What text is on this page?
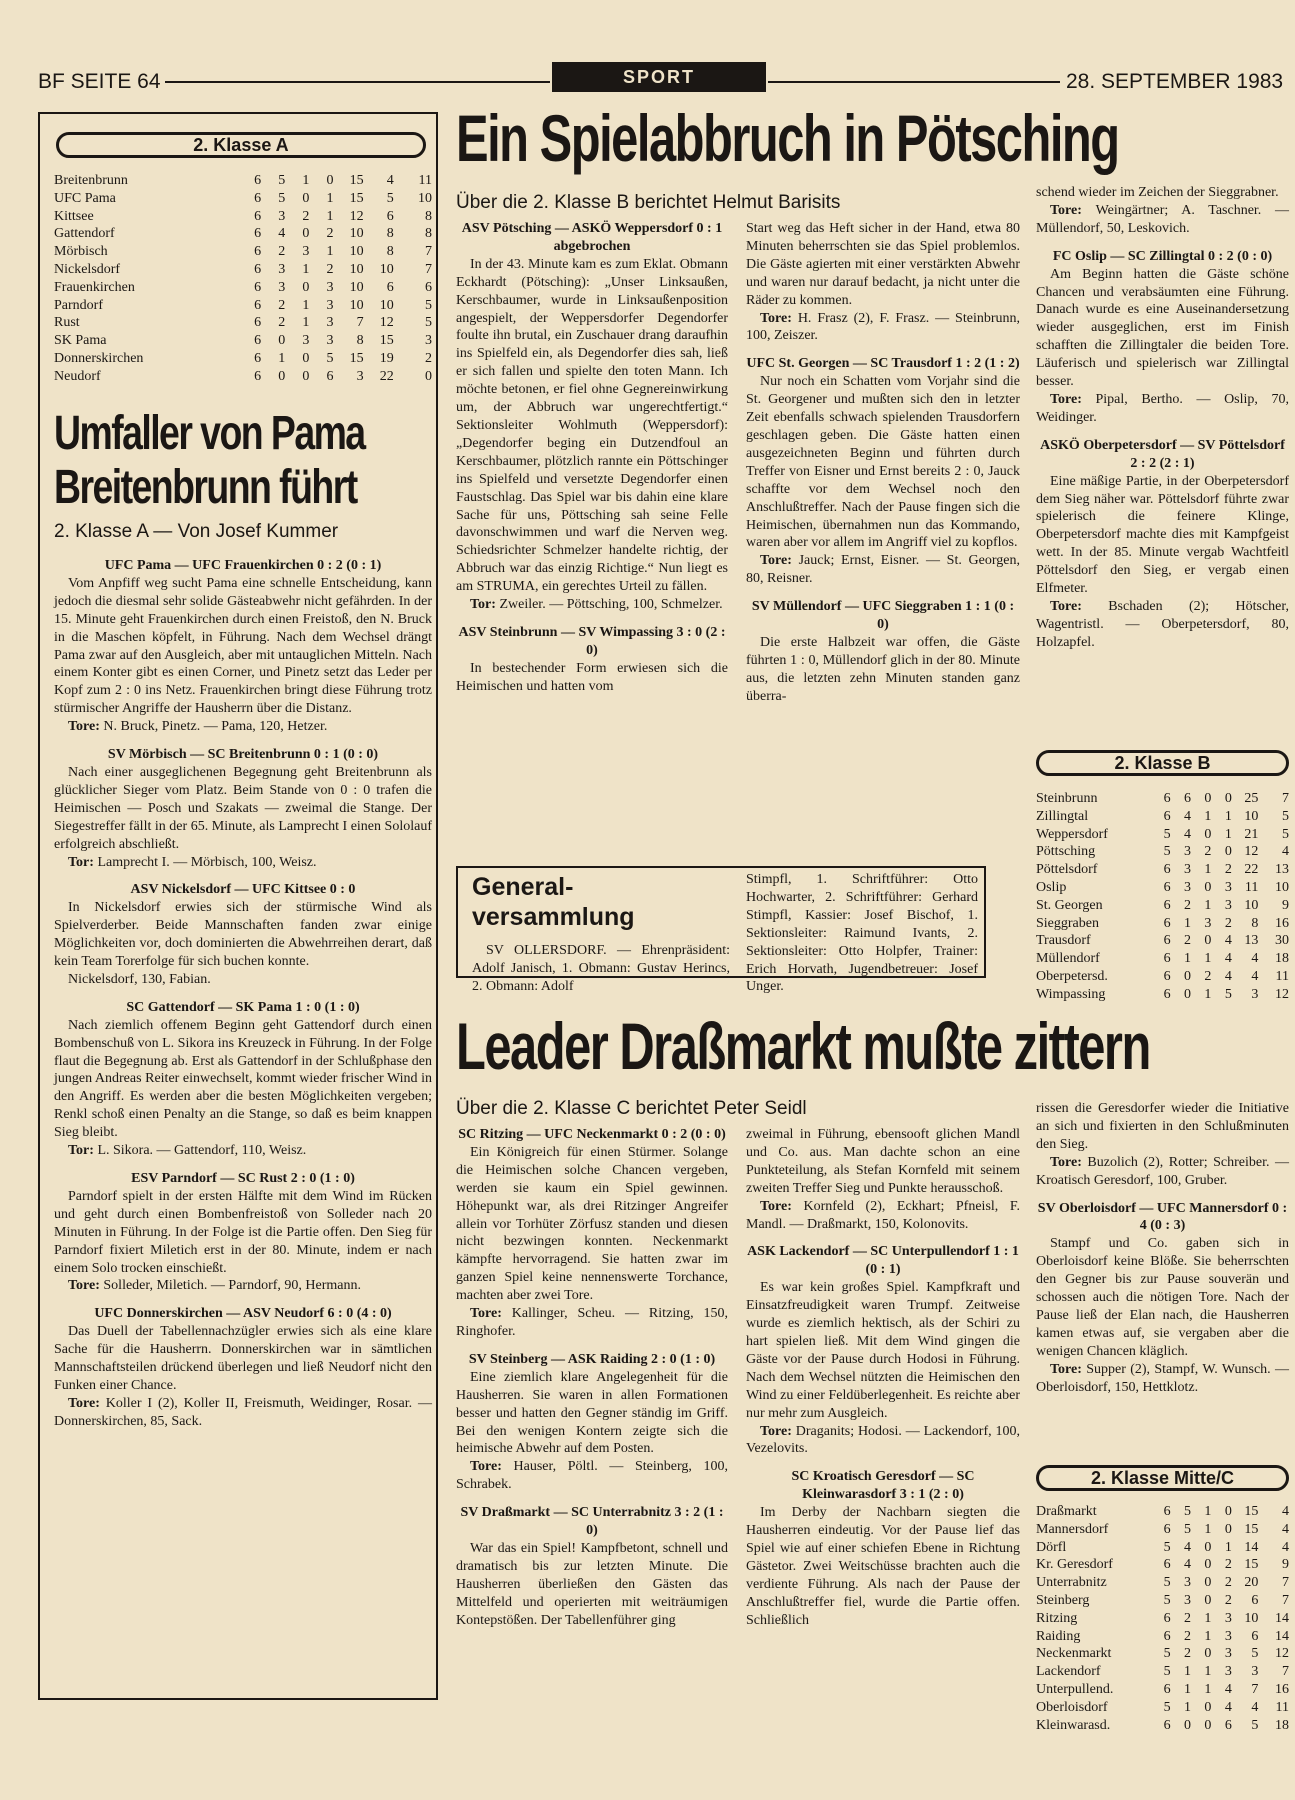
BF SEITE 64	SPORT	28. SEPTEMBER 1983
2. Klasse A
Breitenbrunn	6	5	1	0	15	4	11
UFC Pama	6	5	0	1	15	5	10
Kittsee	6	3	2	1	12	6	8
Gattendorf	6	4	0	2	10	8	8
Mörbisch	6	2	3	1	10	8	7
Nickelsdorf	6	3	1	2	10	10	7
Frauenkirchen	6	3	0	3	10	6	6
Parndorf	6	2	1	3	10	10	5
Rust	6	2	1	3	7	12	5
SK Pama	6	0	3	3	8	15	3
Donnerskirchen	6	1	0	5	15	19	2
Neudorf	6	0	0	6	3	22	0
Umfaller von Pama
Breitenbrunn führt
2. Klasse A — Von Josef Kummer

UFC Pama — UFC Frauenkirchen 0 : 2 (0 : 1)

Vom Anpfiff weg sucht Pama eine schnelle Entscheidung, kann jedoch die diesmal sehr solide Gästeabwehr nicht gefährden. In der 15. Minute geht Frauenkirchen durch einen Freistoß, den N. Bruck in die Maschen köpfelt, in Führung. Nach dem Wechsel drängt Pama zwar auf den Ausgleich, aber mit untauglichen Mitteln. Nach einem Konter gibt es einen Corner, und Pinetz setzt das Leder per Kopf zum 2 : 0 ins Netz. Frauenkirchen bringt diese Führung trotz stürmischer Angriffe der Hausherrn über die Distanz.

Tore: N. Bruck, Pinetz. — Pama, 120, Hetzer.

SV Mörbisch — SC Breitenbrunn 0 : 1 (0 : 0)

Nach einer ausgeglichenen Begegnung geht Breitenbrunn als glücklicher Sieger vom Platz. Beim Stande von 0 : 0 trafen die Heimischen — Posch und Szakats — zweimal die Stange. Der Siegestreffer fällt in der 65. Minute, als Lamprecht I einen Sololauf erfolgreich abschließt.

Tor: Lamprecht I. — Mörbisch, 100, Weisz.

ASV Nickelsdorf — UFC Kittsee 0 : 0

In Nickelsdorf erwies sich der stürmische Wind als Spielverderber. Beide Mannschaften fanden zwar einige Möglichkeiten vor, doch dominierten die Abwehrreihen derart, daß kein Team Torerfolge für sich buchen konnte.

Nickelsdorf, 130, Fabian.

SC Gattendorf — SK Pama 1 : 0 (1 : 0)

Nach ziemlich offenem Beginn geht Gattendorf durch einen Bombenschuß von L. Sikora ins Kreuzeck in Führung. In der Folge flaut die Begegnung ab. Erst als Gattendorf in der Schlußphase den jungen Andreas Reiter einwechselt, kommt wieder frischer Wind in den Angriff. Es werden aber die besten Möglichkeiten vergeben; Renkl schoß einen Penalty an die Stange, so daß es beim knappen Sieg bleibt.

Tor: L. Sikora. — Gattendorf, 110, Weisz.

ESV Parndorf — SC Rust 2 : 0 (1 : 0)

Parndorf spielt in der ersten Hälfte mit dem Wind im Rücken und geht durch einen Bombenfreistoß von Solleder nach 20 Minuten in Führung. In der Folge ist die Partie offen. Den Sieg für Parndorf fixiert Miletich erst in der 80. Minute, indem er nach einem Solo trocken einschießt.

Tore: Solleder, Miletich. — Parndorf, 90, Hermann.

UFC Donnerskirchen — ASV Neudorf 6 : 0 (4 : 0)

Das Duell der Tabellennachzügler erwies sich als eine klare Sache für die Hausherrn. Donnerskirchen war in sämtlichen Mannschaftsteilen drückend überlegen und ließ Neudorf nicht den Funken einer Chance.

Tore: Koller I (2), Koller II, Freismuth, Weidinger, Rosar. — Donnerskirchen, 85, Sack.

Ein Spielabbruch in Pötsching
Über die 2. Klasse B berichtet Helmut Barisits

ASV Pötsching — ASKÖ Weppersdorf 0 : 1 abgebrochen

In der 43. Minute kam es zum Eklat. Obmann Eckhardt (Pötsching): „Unser Linksaußen, Kerschbaumer, wurde in Linksaußenposition angespielt, der Weppersdorfer Degendorfer foulte ihn brutal, ein Zuschauer drang daraufhin ins Spielfeld ein, als Degendorfer dies sah, ließ er sich fallen und spielte den toten Mann. Ich möchte betonen, er fiel ohne Gegnereinwirkung um, der Abbruch war ungerechtfertigt.“ Sektionsleiter Wohlmuth (Weppersdorf): „Degendorfer beging ein Dutzendfoul an Kerschbaumer, plötzlich rannte ein Pöttschinger ins Spielfeld und versetzte Degendorfer einen Faustschlag. Das Spiel war bis dahin eine klare Sache für uns, Pöttsching sah seine Felle davonschwimmen und warf die Nerven weg. Schiedsrichter Schmelzer handelte richtig, der Abbruch war das einzig Richtige.“ Nun liegt es am STRUMA, ein gerechtes Urteil zu fällen.

Tor: Zweiler. — Pöttsching, 100, Schmelzer.

ASV Steinbrunn — SV Wimpassing 3 : 0 (2 : 0)

In bestechender Form erwiesen sich die Heimischen und hatten vom

Start weg das Heft sicher in der Hand, etwa 80 Minuten beherrschten sie das Spiel problemlos. Die Gäste agierten mit einer verstärkten Abwehr und waren nur darauf bedacht, ja nicht unter die Räder zu kommen.

Tore: H. Frasz (2), F. Frasz. — Steinbrunn, 100, Zeiszer.

UFC St. Georgen — SC Trausdorf 1 : 2 (1 : 2)

Nur noch ein Schatten vom Vorjahr sind die St. Georgener und mußten sich den in letzter Zeit ebenfalls schwach spielenden Trausdorfern geschlagen geben. Die Gäste hatten einen ausgezeichneten Beginn und führten durch Treffer von Eisner und Ernst bereits 2 : 0, Jauck schaffte vor dem Wechsel noch den Anschlußtreffer. Nach der Pause fingen sich die Heimischen, übernahmen nun das Kommando, waren aber vor allem im Angriff viel zu kopflos.

Tore: Jauck; Ernst, Eisner. — St. Georgen, 80, Reisner.

SV Müllendorf — UFC Sieggraben 1 : 1 (0 : 0)

Die erste Halbzeit war offen, die Gäste führten 1 : 0, Müllendorf glich in der 80. Minute aus, die letzten zehn Minuten standen ganz überra-

schend wieder im Zeichen der Sieggrabner.

Tore: Weingärtner; A. Taschner. — Müllendorf, 50, Leskovich.

FC Oslip — SC Zillingtal 0 : 2 (0 : 0)

Am Beginn hatten die Gäste schöne Chancen und verabsäumten eine Führung. Danach wurde es eine Auseinandersetzung wieder ausgeglichen, erst im Finish schafften die Zillingtaler die beiden Tore. Läuferisch und spielerisch war Zillingtal besser.

Tore: Pipal, Bertho. — Oslip, 70, Weidinger.

ASKÖ Oberpetersdorf — SV Pöttelsdorf 2 : 2 (2 : 1)

Eine mäßige Partie, in der Oberpetersdorf dem Sieg näher war. Pöttelsdorf führte zwar spielerisch die feinere Klinge, Oberpetersdorf machte dies mit Kampfgeist wett. In der 85. Minute vergab Wachtfeitl Pöttelsdorf den Sieg, er vergab einen Elfmeter.

Tore: Bschaden (2); Hötscher, Wagentristl. — Oberpetersdorf, 80, Holzapfel.

2. Klasse B
Steinbrunn	6	6	0	0	25	7
Zillingtal	6	4	1	1	10	5
Weppersdorf	5	4	0	1	21	5
Pöttsching	5	3	2	0	12	4
Pöttelsdorf	6	3	1	2	22	13
Oslip	6	3	0	3	11	10
St. Georgen	6	2	1	3	10	9
Sieggraben	6	1	3	2	8	16
Trausdorf	6	2	0	4	13	30
Müllendorf	6	1	1	4	4	18
Oberpetersd.	6	0	2	4	4	11
Wimpassing	6	0	1	5	3	12
General-
versammlung
SV OLLERSDORF. — Ehrenpräsident: Adolf Janisch, 1. Obmann: Gustav Herincs, 2. Obmann: Adolf
Stimpfl, 1. Schriftführer: Otto Hochwarter, 2. Schriftführer: Gerhard Stimpfl, Kassier: Josef Bischof, 1. Sektionsleiter: Raimund Ivants, 2. Sektionsleiter: Otto Holpfer, Trainer: Erich Horvath, Jugendbetreuer: Josef Unger.
Leader Draßmarkt mußte zittern
Über die 2. Klasse C berichtet Peter Seidl

SC Ritzing — UFC Neckenmarkt 0 : 2 (0 : 0)

Ein Königreich für einen Stürmer. Solange die Heimischen solche Chancen vergeben, werden sie kaum ein Spiel gewinnen. Höhepunkt war, als drei Ritzinger Angreifer allein vor Torhüter Zörfusz standen und diesen nicht bezwingen konnten. Neckenmarkt kämpfte hervorragend. Sie hatten zwar im ganzen Spiel keine nennenswerte Torchance, machten aber zwei Tore.

Tore: Kallinger, Scheu. — Ritzing, 150, Ringhofer.

SV Steinberg — ASK Raiding 2 : 0 (1 : 0)

Eine ziemlich klare Angelegenheit für die Hausherren. Sie waren in allen Formationen besser und hatten den Gegner ständig im Griff. Bei den wenigen Kontern zeigte sich die heimische Abwehr auf dem Posten.

Tore: Hauser, Pöltl. — Steinberg, 100, Schrabek.

SV Draßmarkt — SC Unterrabnitz 3 : 2 (1 : 0)

War das ein Spiel! Kampfbetont, schnell und dramatisch bis zur letzten Minute. Die Hausherren überließen den Gästen das Mittelfeld und operierten mit weiträumigen Kontерstößen. Der Tabellenführer ging

zweimal in Führung, ebensooft glichen Mandl und Co. aus. Man dachte schon an eine Punkteteilung, als Stefan Kornfeld mit seinem zweiten Treffer Sieg und Punkte herausschoß.

Tore: Kornfeld (2), Eckhart; Pfneisl, F. Mandl. — Draßmarkt, 150, Kolonovits.

ASK Lackendorf — SC Unterpullendorf 1 : 1 (0 : 1)

Es war kein großes Spiel. Kampfkraft und Einsatzfreudigkeit waren Trumpf. Zeitweise wurde es ziemlich hektisch, als der Schiri zu hart spielen ließ. Mit dem Wind gingen die Gäste vor der Pause durch Hodosi in Führung. Nach dem Wechsel nützten die Heimischen den Wind zu einer Feldüberlegenheit. Es reichte aber nur mehr zum Ausgleich.

Tore: Draganits; Hodosi. — Lackendorf, 100, Vezelovits.

SC Kroatisch Geresdorf — SC Kleinwarasdorf 3 : 1 (2 : 0)

Im Derby der Nachbarn siegten die Hausherren eindeutig. Vor der Pause lief das Spiel wie auf einer schiefen Ebene in Richtung Gästetor. Zwei Weitschüsse brachten auch die verdiente Führung. Als nach der Pause der Anschlußtreffer fiel, wurde die Partie offen. Schließlich

rissen die Geresdorfer wieder die Initiative an sich und fixierten in den Schlußminuten den Sieg.

Tore: Buzolich (2), Rotter; Schreiber. — Kroatisch Geresdorf, 100, Gruber.

SV Oberloisdorf — UFC Mannersdorf 0 : 4 (0 : 3)

Stampf und Co. gaben sich in Oberloisdorf keine Blöße. Sie beherrschten den Gegner bis zur Pause souverän und schossen auch die nötigen Tore. Nach der Pause ließ der Elan nach, die Hausherren kamen etwas auf, sie vergaben aber die wenigen Chancen kläglich.

Tore: Supper (2), Stampf, W. Wunsch. — Oberloisdorf, 150, Hettklotz.

2. Klasse Mitte/C
Draßmarkt	6	5	1	0	15	4
Mannersdorf	6	5	1	0	15	4
Dörfl	5	4	0	1	14	4
Kr. Geresdorf	6	4	0	2	15	9
Unterrabnitz	5	3	0	2	20	7
Steinberg	5	3	0	2	6	7
Ritzing	6	2	1	3	10	14
Raiding	6	2	1	3	6	14
Neckenmarkt	5	2	0	3	5	12
Lackendorf	5	1	1	3	3	7
Unterpullend.	6	1	1	4	7	16
Oberloisdorf	5	1	0	4	4	11
Kleinwarasd.	6	0	0	6	5	18
